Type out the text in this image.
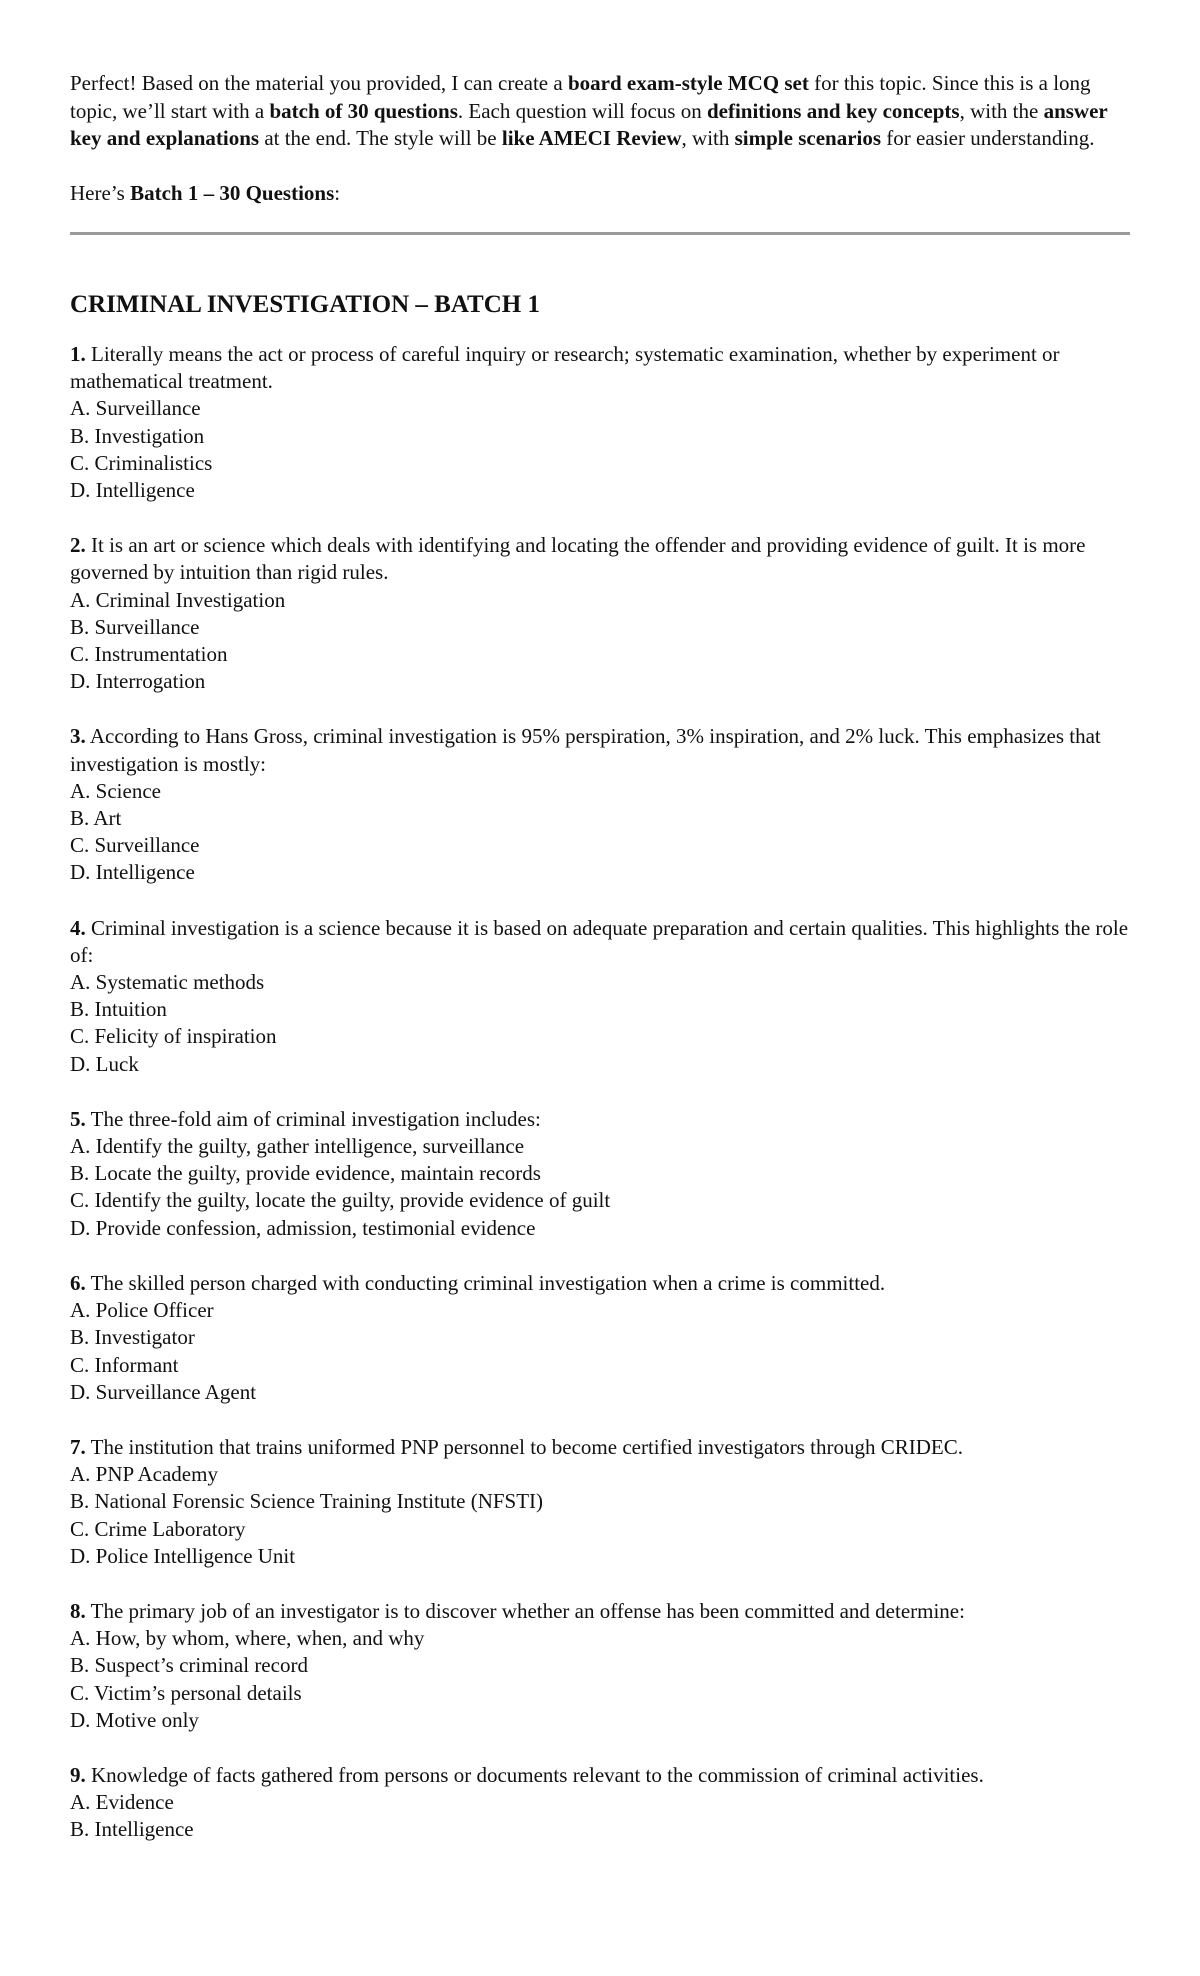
Perfect! Based on the material you provided, I can create a board exam-style MCQ set for this topic. Since this is a long topic, we’ll start with a batch of 30 questions. Each question will focus on definitions and key concepts, with the answer key and explanations at the end. The style will be like AMECI Review, with simple scenarios for easier understanding.

Here’s Batch 1 – 30 Questions:

CRIMINAL INVESTIGATION – BATCH 1

1. Literally means the act or process of careful inquiry or research; systematic examination, whether by experiment or mathematical treatment.

A. Surveillance
B. Investigation
C. Criminalistics
D. Intelligence

2. It is an art or science which deals with identifying and locating the offender and providing evidence of guilt. It is more governed by intuition than rigid rules.

A. Criminal Investigation
B. Surveillance
C. Instrumentation
D. Interrogation

3. According to Hans Gross, criminal investigation is 95% perspiration, 3% inspiration, and 2% luck. This emphasizes that investigation is mostly:

A. Science
B. Art
C. Surveillance
D. Intelligence

4. Criminal investigation is a science because it is based on adequate preparation and certain qualities. This highlights the role of:

A. Systematic methods
B. Intuition
C. Felicity of inspiration
D. Luck

5. The three-fold aim of criminal investigation includes:

A. Identify the guilty, gather intelligence, surveillance
B. Locate the guilty, provide evidence, maintain records
C. Identify the guilty, locate the guilty, provide evidence of guilt
D. Provide confession, admission, testimonial evidence

6. The skilled person charged with conducting criminal investigation when a crime is committed.

A. Police Officer
B. Investigator
C. Informant
D. Surveillance Agent

7. The institution that trains uniformed PNP personnel to become certified investigators through CRIDEC.

A. PNP Academy
B. National Forensic Science Training Institute (NFSTI)
C. Crime Laboratory
D. Police Intelligence Unit

8. The primary job of an investigator is to discover whether an offense has been committed and determine:

A. How, by whom, where, when, and why
B. Suspect’s criminal record
C. Victim’s personal details
D. Motive only

9. Knowledge of facts gathered from persons or documents relevant to the commission of criminal activities.

A. Evidence
B. Intelligence
